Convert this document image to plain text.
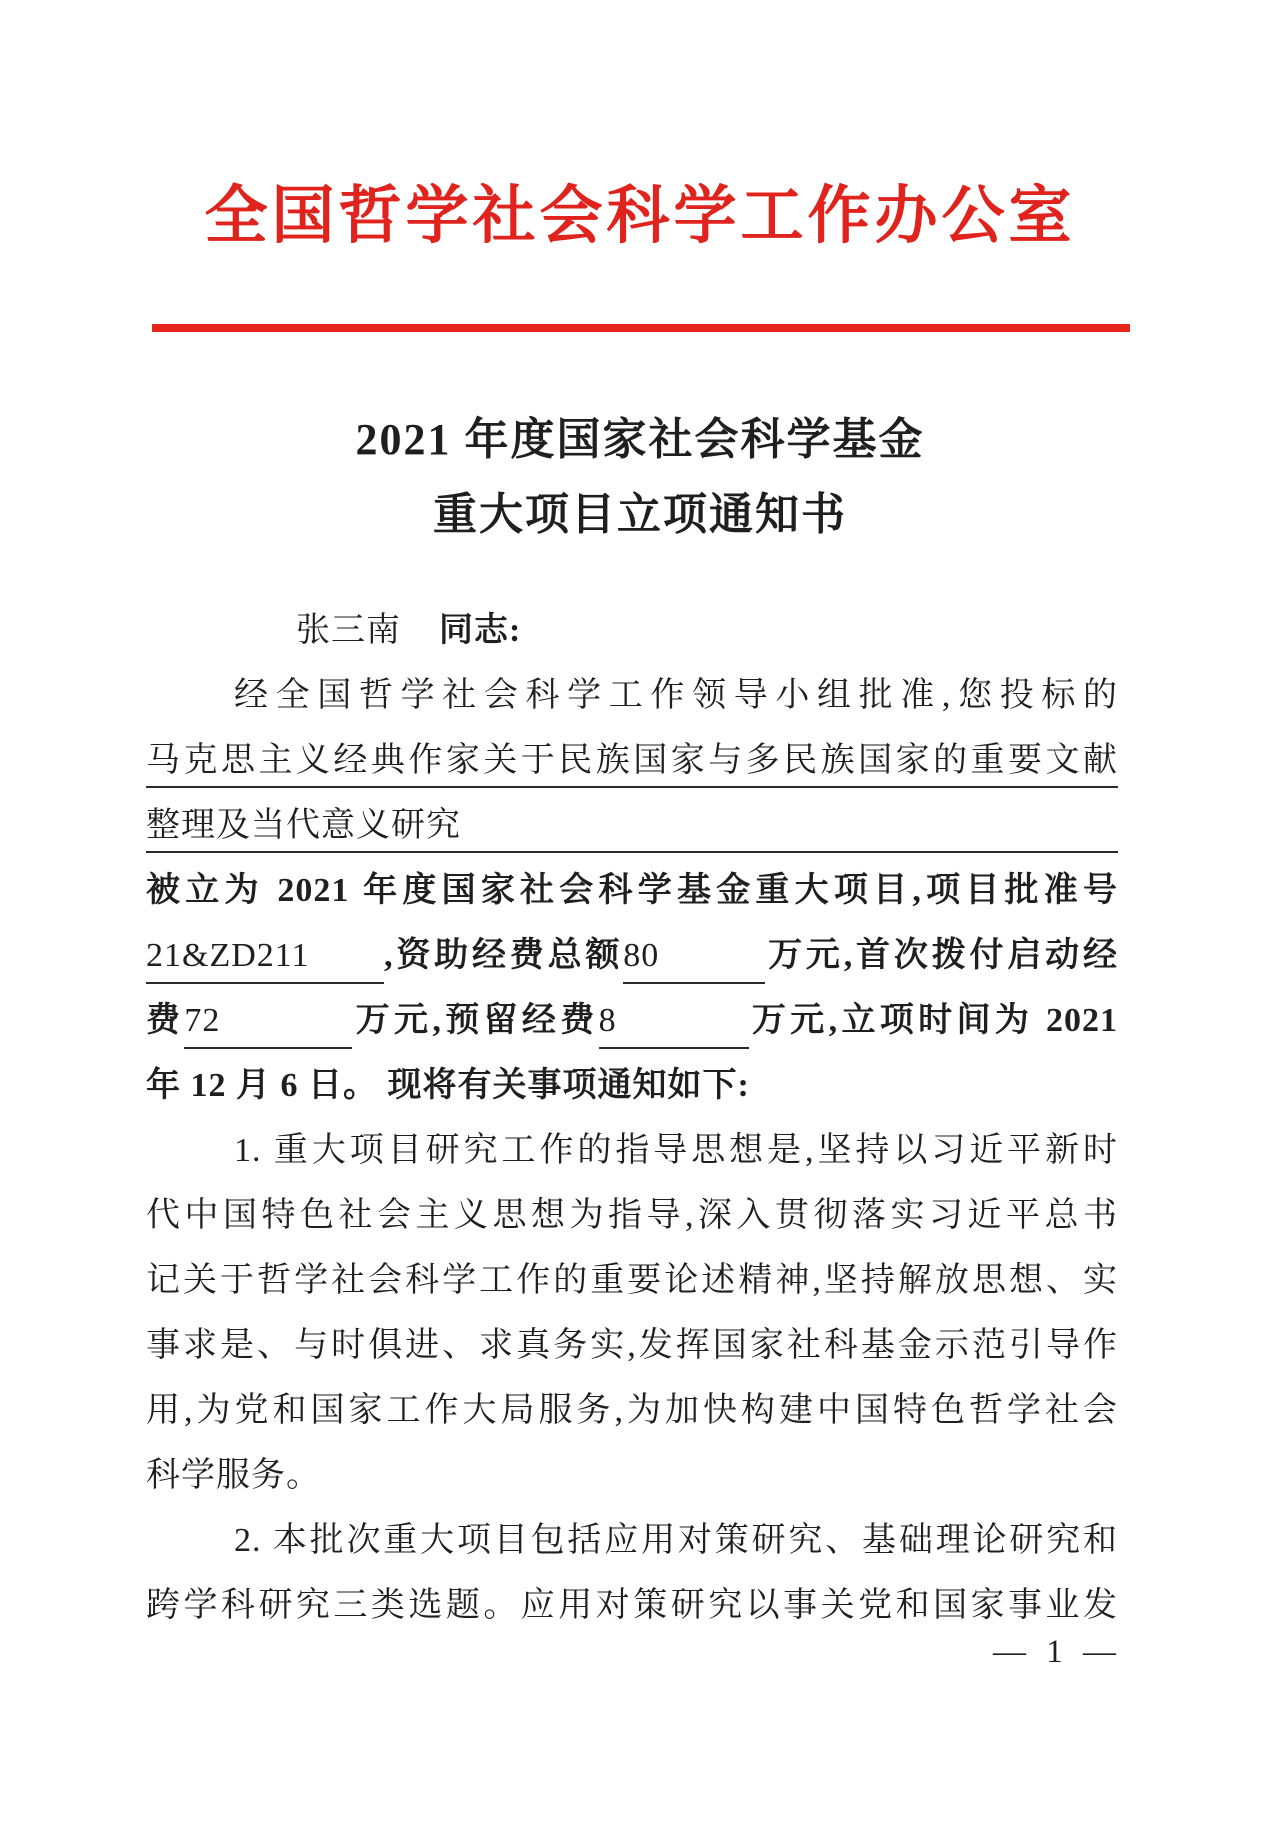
全国哲学社会科学工作办公室
2021 年度国家社会科学基金
重大项目立项通知书
张三南 同志:
经全国哲学社会科学工作领导小组批准,您投标的
马克思主义经典作家关于民族国家与多民族国家的重要文献
整理及当代意义研究
被立为 2021 年度国家社会科学基金重大项目,项目批准号
21&ZD211 ,资助经费总额80	万元,首次拨付启动经
费72	万元,预留经费8	万元,立项时间为 2021
年 12 月 6 日。 现将有关事项通知如下:
1. 重大项目研究工作的指导思想是,坚持以习近平新时
代中国特色社会主义思想为指导,深入贯彻落实习近平总书
记关于哲学社会科学工作的重要论述精神,坚持解放思想、实
事求是、与时俱进、求真务实,发挥国家社科基金示范引导作
用,为党和国家工作大局服务,为加快构建中国特色哲学社会
科学服务。
2. 本批次重大项目包括应用对策研究、基础理论研究和
跨学科研究三类选题。应用对策研究以事关党和国家事业发
— 1 —
